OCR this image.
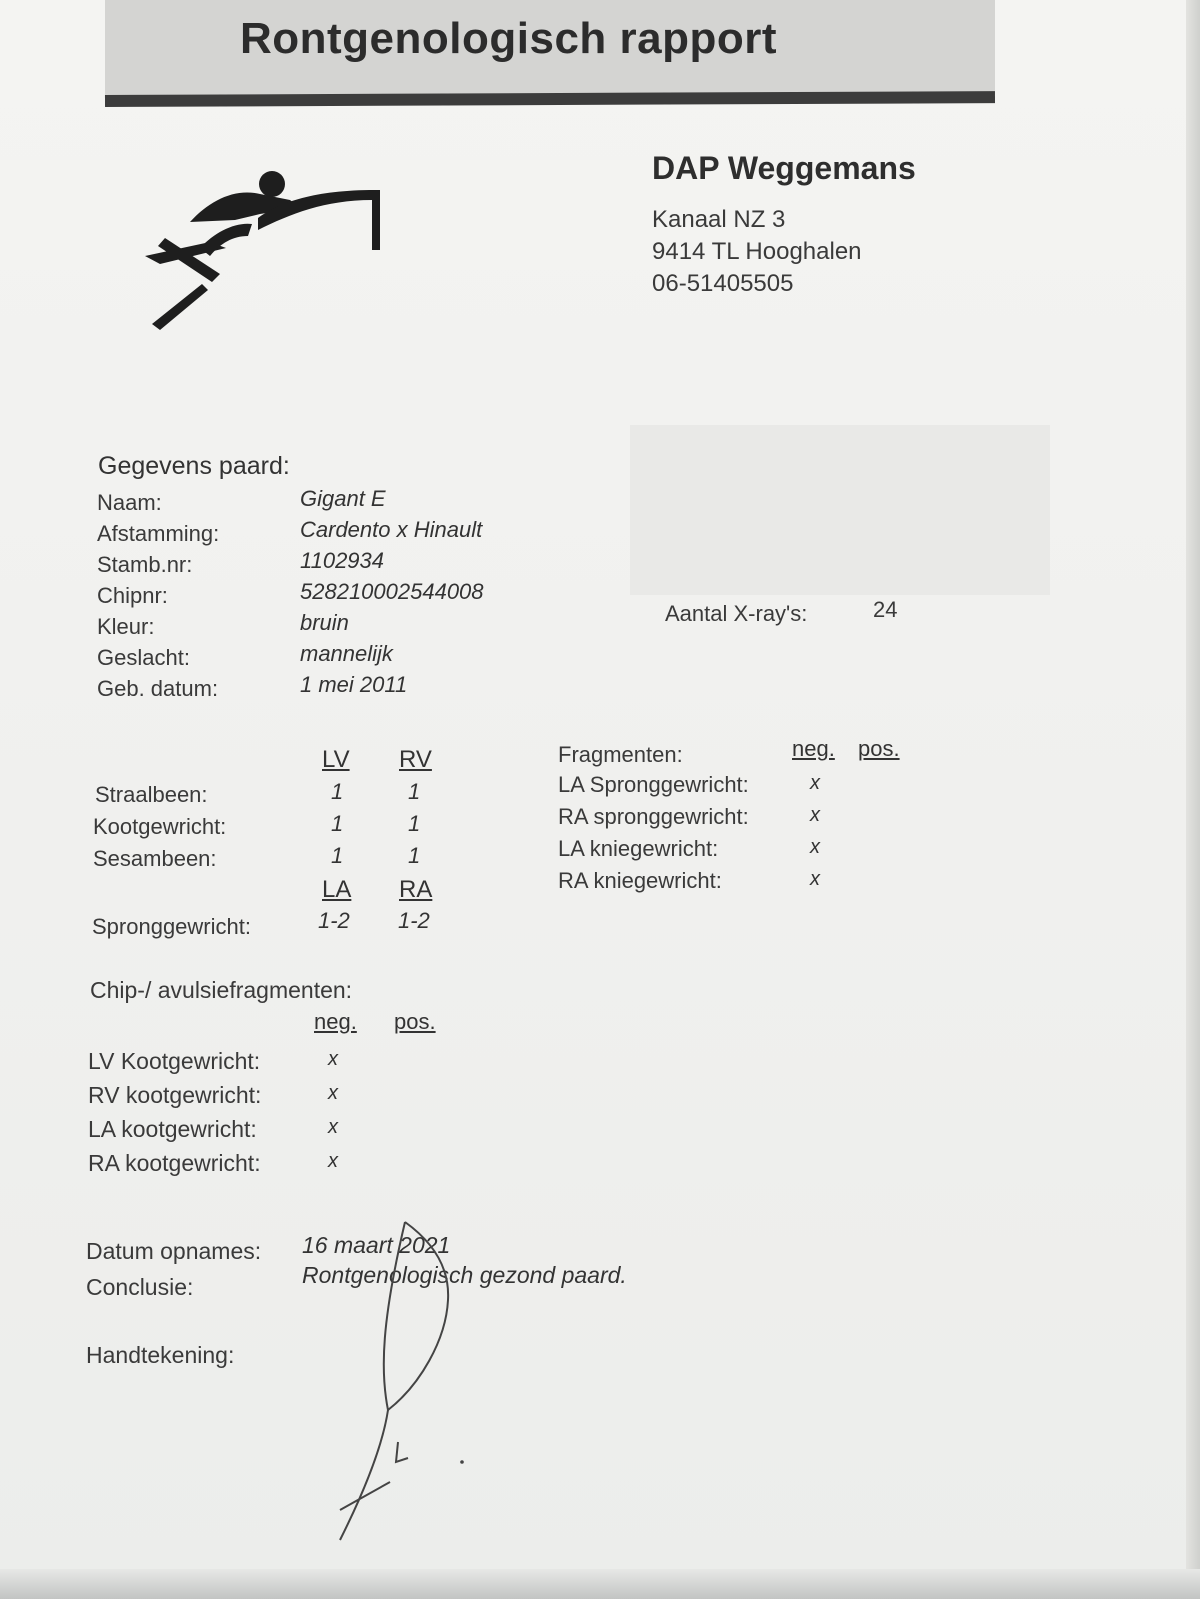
Rontgenologisch rapport
DAP Weggemans
Kanaal NZ 3
9414 TL Hooghalen
06-51405505
Gegevens paard:
Naam:	Gigant E
Afstamming:	Cardento x Hinault
Stamb.nr:	1102934
Chipnr:	528210002544008
Kleur:	bruin
Geslacht:	mannelijk
Geb. datum:	1 mei 2011
Aantal X-ray's:	24
LV RV
Straalbeen:	1	1
Kootgewricht:	1	1
Sesambeen:	1	1
LA RA
Spronggewricht:	1-2 1-2
Fragmenten:	neg. pos.
LA Spronggewricht:	x
RA spronggewricht:	x
LA kniegewricht:	x
RA kniegewricht:	x
Chip-/ avulsiefragmenten:
neg. pos.
LV Kootgewricht:	x
RV kootgewricht:	x
LA kootgewricht:	x
RA kootgewricht:	x
Datum opnames: 16 maart 2021
Conclusie:	Rontgenologisch gezond paard.
Handtekening:
